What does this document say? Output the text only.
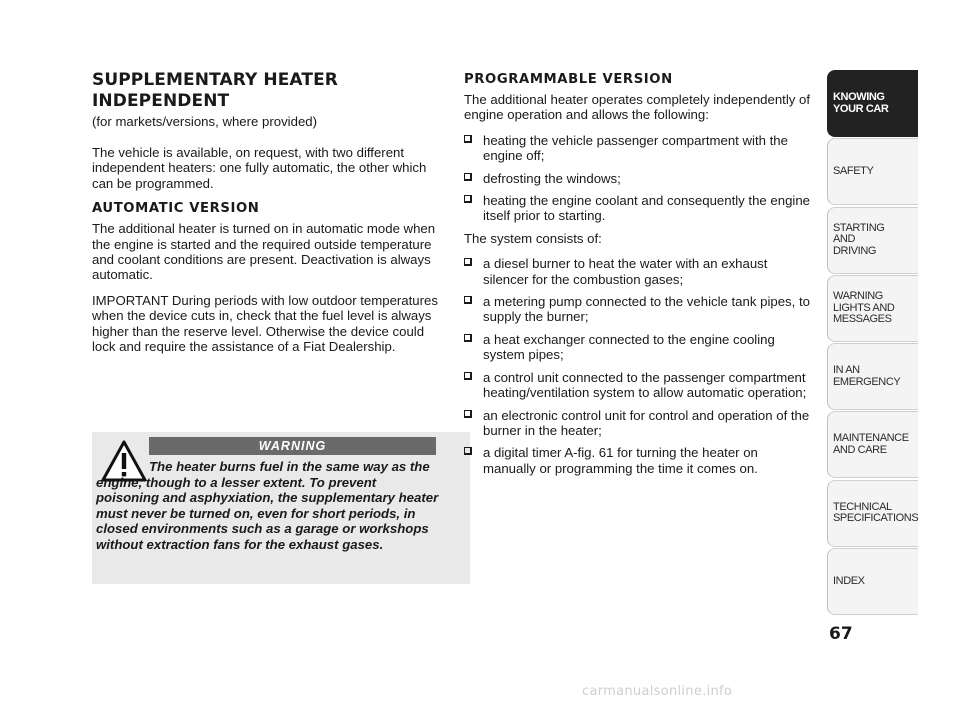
SUPPLEMENTARY HEATER
INDEPENDENT
(for markets/versions, where provided)

The vehicle is available, on request, with two different independent heaters: one fully automatic, the other which can be programmed.

AUTOMATIC VERSION

The additional heater is turned on in automatic mode when the engine is started and the required outside temperature and coolant conditions are present. Deactivation is always automatic.

IMPORTANT During periods with low outdoor temperatures when the device cuts in, check that the fuel level is always higher than the reserve level. Otherwise the device could lock and require the assistance of a Fiat Dealership.

WARNING

The heater burns fuel in the same way as the engine, though to a lesser extent. To prevent poisoning and asphyxiation, the supplementary heater must never be turned on, even for short periods, in closed environments such as a garage or workshops without extraction fans for the exhaust gases.

PROGRAMMABLE VERSION

The additional heater operates completely independently of engine operation and allows the following:

heating the vehicle passenger compartment with the engine off;
defrosting the windows;
heating the engine coolant and consequently the engine itself prior to starting.

The system consists of:

a diesel burner to heat the water with an exhaust silencer for the combustion gases;
a metering pump connected to the vehicle tank pipes, to supply the burner;
a heat exchanger connected to the engine cooling system pipes;
a control unit connected to the passenger compartment heating/ventilation system to allow automatic operation;
an electronic control unit for control and operation of the burner in the heater;
a digital timer A-fig. 61 for turning the heater on manually or programming the time it comes on.
KNOWING
YOUR CAR
SAFETY
STARTING
AND
DRIVING
WARNING
LIGHTS AND
MESSAGES
IN AN
EMERGENCY
MAINTENANCE
AND CARE
TECHNICAL
SPECIFICATIONS
INDEX
67
carmanualsonline.info
